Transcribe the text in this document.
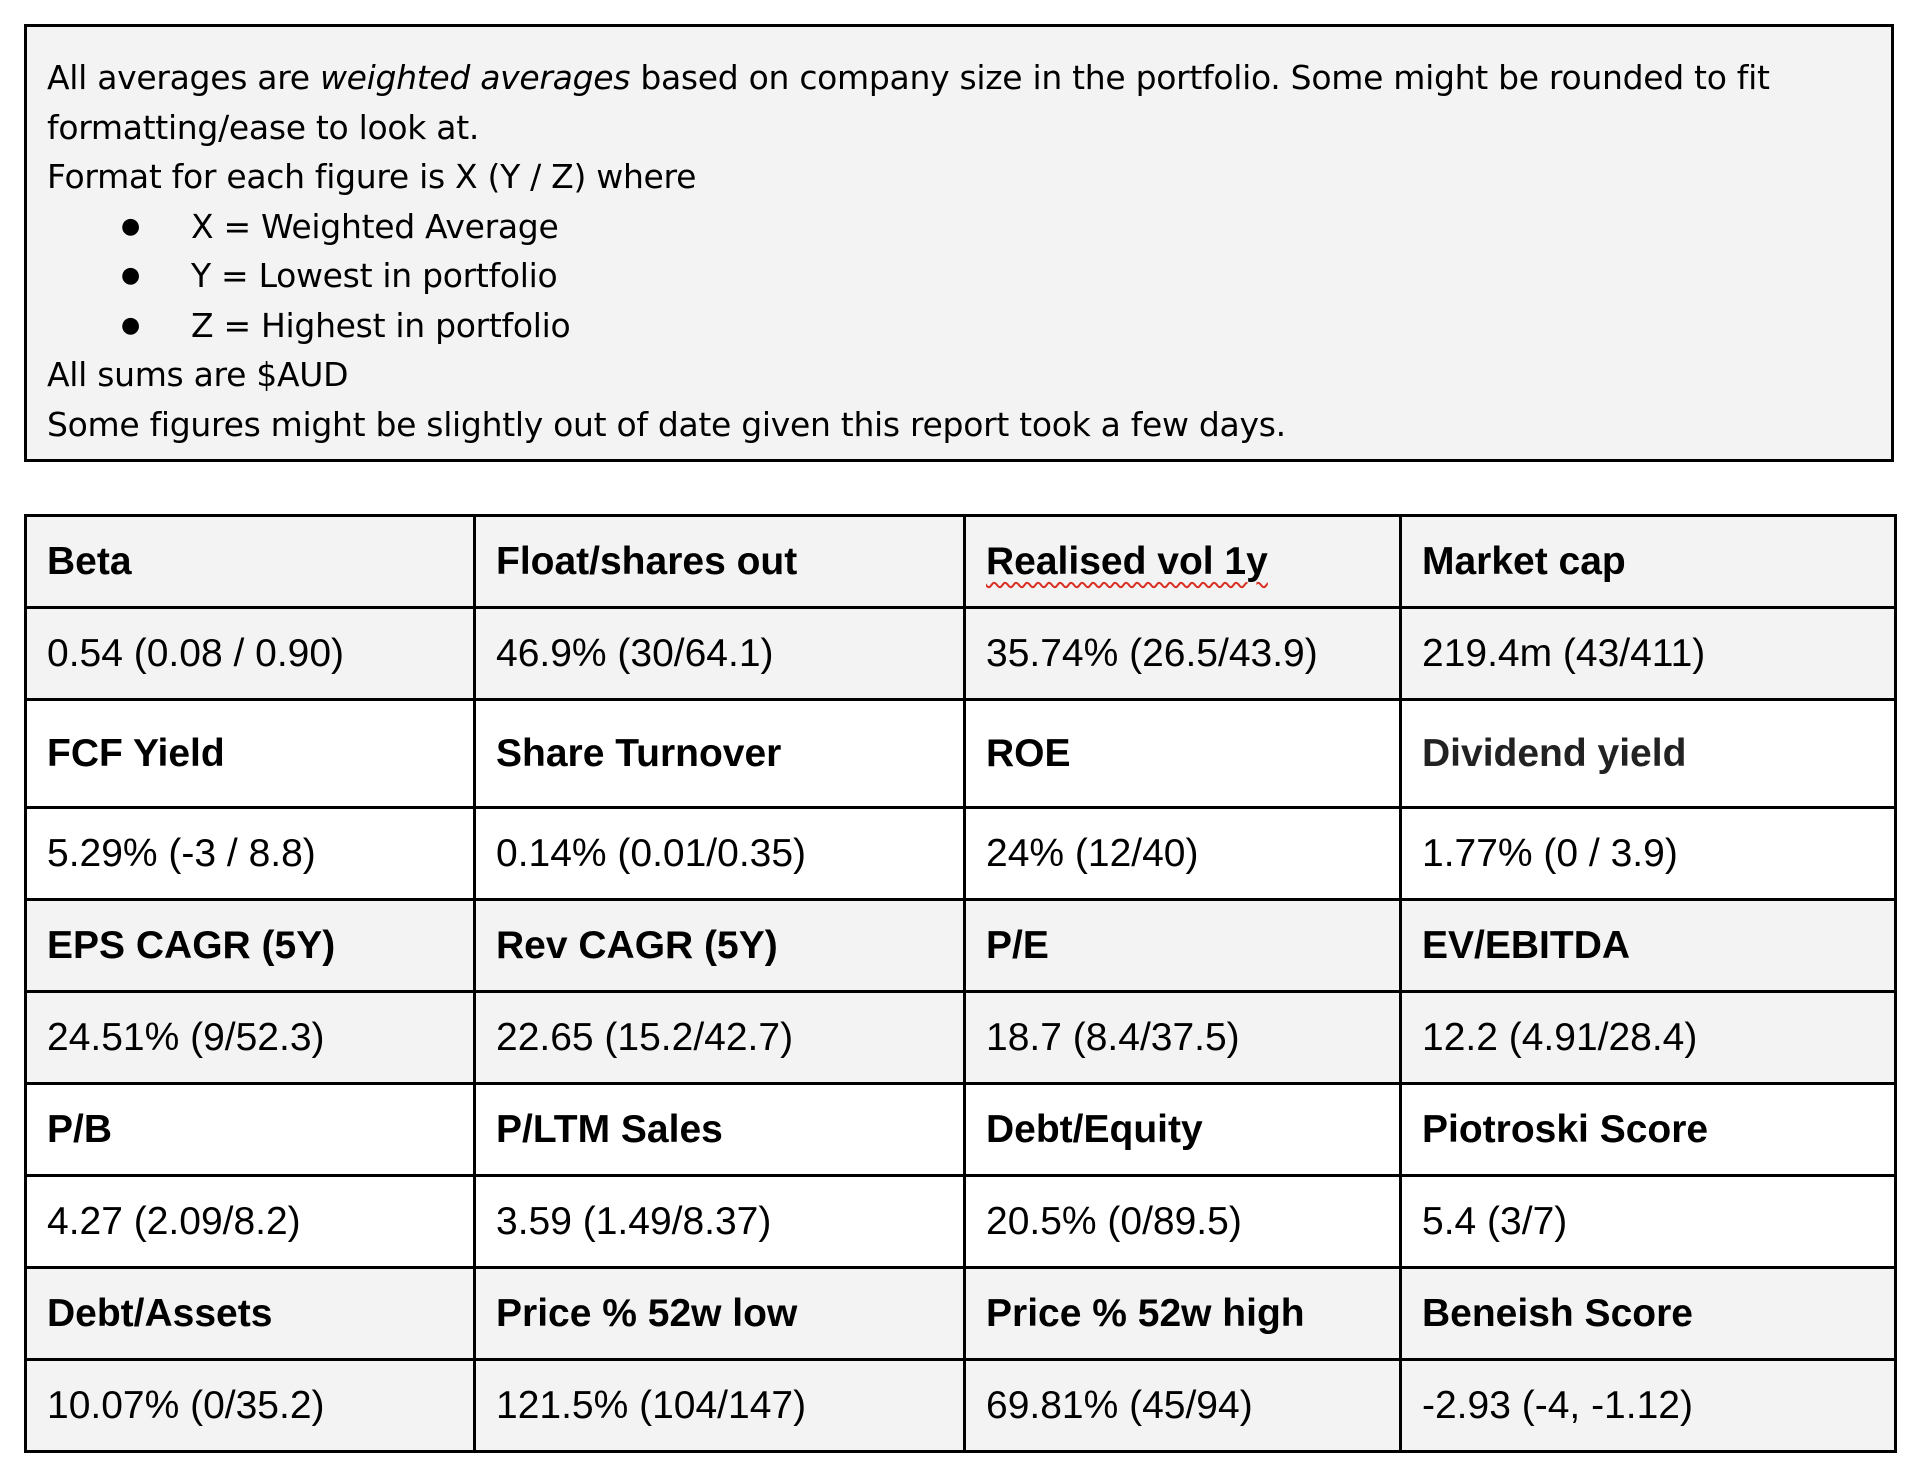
All averages are weighted averages based on company size in the portfolio. Some might be rounded to fit

formatting/ease to look at.

Format for each figure is X (Y / Z) where

● X = Weighted Average
● Y = Lowest in portfolio
● Z = Highest in portfolio

All sums are $AUD

Some figures might be slightly out of date given this report took a few days.

Beta	Float/shares out	Realised vol 1y	Market cap
0.54 (0.08 / 0.90)	46.9% (30/64.1)	35.74% (26.5/43.9)	219.4m (43/411)
FCF Yield	Share Turnover	ROE	Dividend yield
5.29% (-3 / 8.8)	0.14% (0.01/0.35)	24% (12/40)	1.77% (0 / 3.9)
EPS CAGR (5Y)	Rev CAGR (5Y)	P/E	EV/EBITDA
24.51% (9/52.3)	22.65 (15.2/42.7)	18.7 (8.4/37.5)	12.2 (4.91/28.4)
P/B	P/LTM Sales	Debt/Equity	Piotroski Score
4.27 (2.09/8.2)	3.59 (1.49/8.37)	20.5% (0/89.5)	5.4 (3/7)
Debt/Assets	Price % 52w low	Price % 52w high	Beneish Score
10.07% (0/35.2)	121.5% (104/147)	69.81% (45/94)	-2.93 (-4, -1.12)
